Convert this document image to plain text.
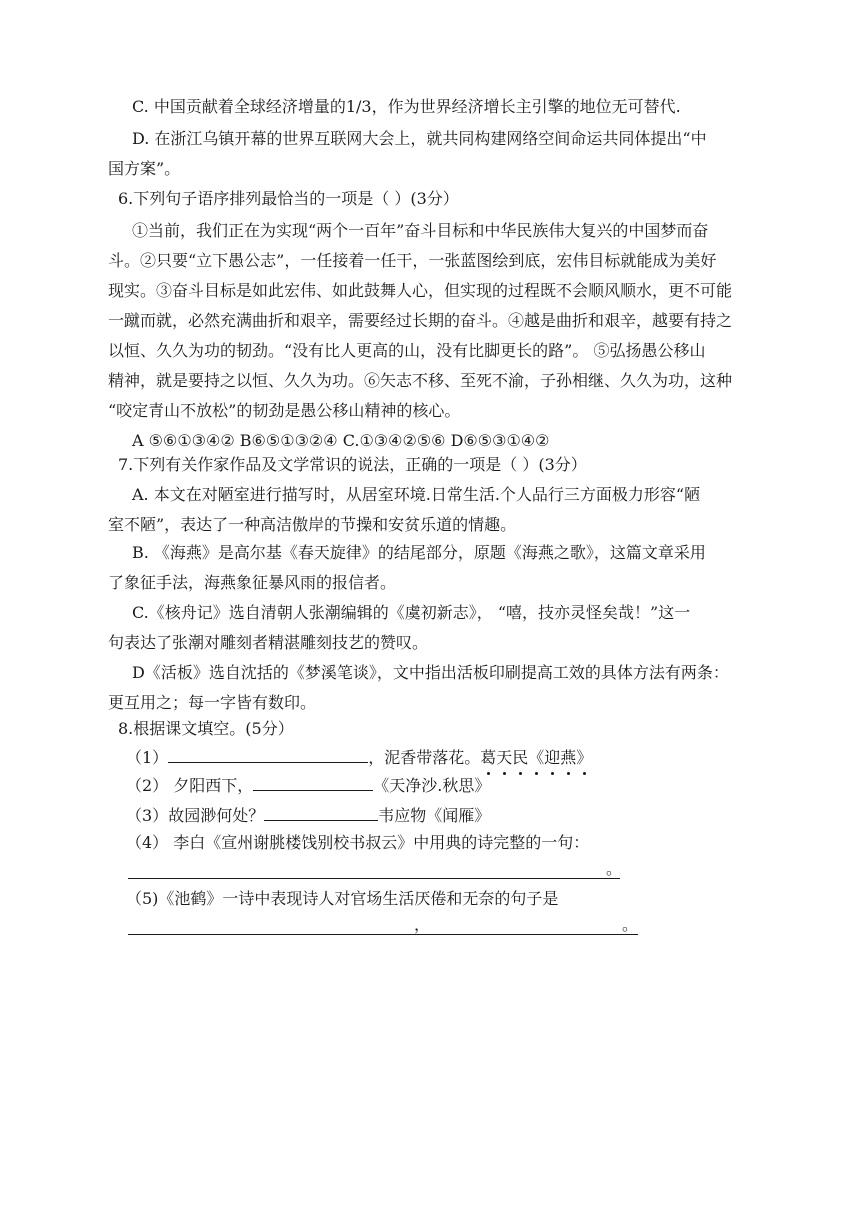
C. 中国贡献着全球经济增量的1/3，作为世界经济增长主引擎的地位无可替代.
D. 在浙江乌镇开幕的世界互联网大会上，就共同构建网络空间命运共同体提出“中
国方案”。
6.下列句子语序排列最恰当的一项是（ ）(3分）
①当前，我们正在为实现“两个一百年”奋斗目标和中华民族伟大复兴的中国梦而奋
斗。②只要“立下愚公志”，一任接着一任干，一张蓝图绘到底，宏伟目标就能成为美好
现实。③奋斗目标是如此宏伟、如此鼓舞人心，但实现的过程既不会顺风顺水，更不可能
一蹴而就，必然充满曲折和艰辛，需要经过长期的奋斗。④越是曲折和艰辛，越要有持之
以恒、久久为功的韧劲。“没有比人更高的山，没有比脚更长的路”。 ⑤弘扬愚公移山
精神，就是要持之以恒、久久为功。⑥矢志不移、至死不渝，子孙相继、久久为功，这种
“咬定青山不放松”的韧劲是愚公移山精神的核心。
A ⑤⑥①③④② B⑥⑤①③②④ C.①③④②⑤⑥ D⑥⑤③①④②
7.下列有关作家作品及文学常识的说法，正确的一项是（ ）(3分）
A. 本文在对陋室进行描写时，从居室环境.日常生活.个人品行三方面极力形容“陋
室不陋”，表达了一种高洁傲岸的节操和安贫乐道的情趣。
B. 《海燕》是高尔基《春天旋律》的结尾部分，原题《海燕之歌》，这篇文章采用
了象征手法，海燕象征暴风雨的报信者。
C.《核舟记》选自清朝人张潮编辑的《虞初新志》， “嘻，技亦灵怪矣哉！”这一
句表达了张潮对雕刻者精湛雕刻技艺的赞叹。
D《活板》选自沈括的《梦溪笔谈》，文中指出活板印刷提高工效的具体方法有两条：
更互用之；每一字皆有数印。
8.根据课文填空。(5分）
（1）	，泥香带落花。葛天民《迎燕》
（2） 夕阳西下，	《天净沙.秋思》
（3）故园渺何处？	韦应物《闻雁》
（4） 李白《宣州谢朓楼饯别校书叔云》中用典的诗完整的一句：
。
（5)《池鹤》一诗中表现诗人对官场生活厌倦和无奈的句子是
，	。
